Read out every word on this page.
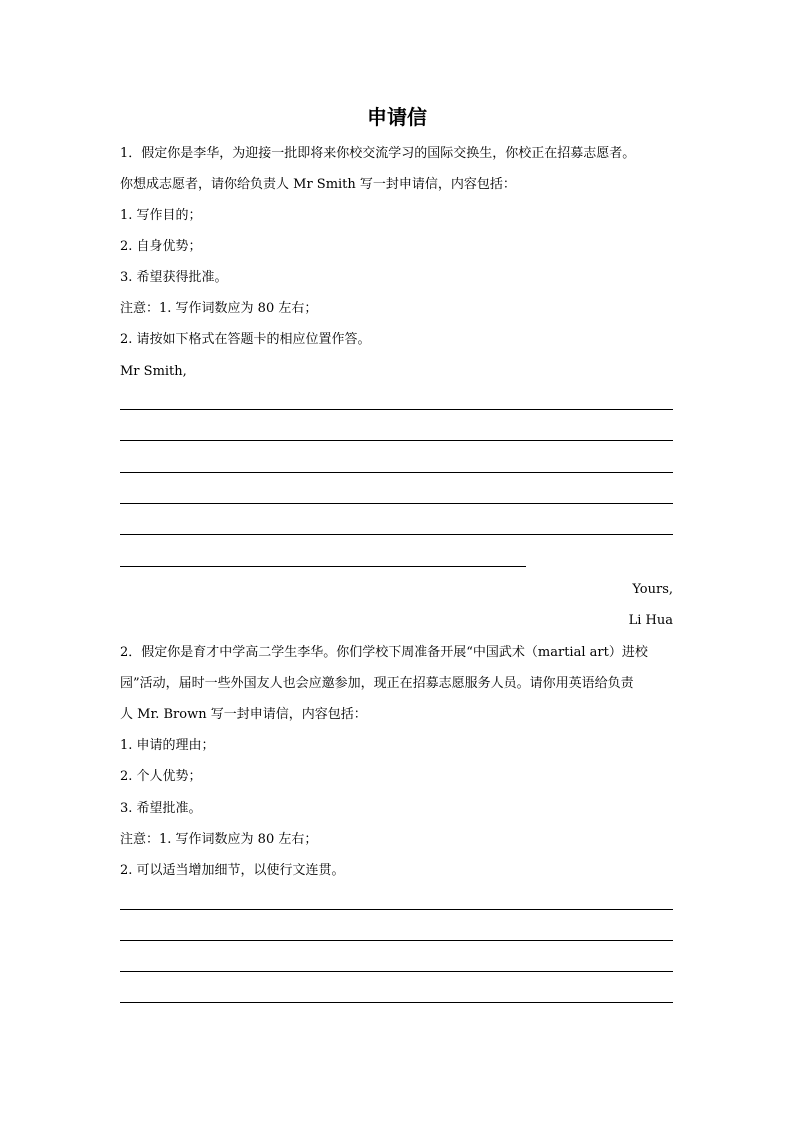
申请信
1．假定你是李华，为迎接一批即将来你校交流学习的国际交换生，你校正在招募志愿者。
你想成志愿者，请你给负责人 Mr Smith 写一封申请信，内容包括：
1. 写作目的；
2. 自身优势；
3. 希望获得批准。
注意：1. 写作词数应为 80 左右；
2. 请按如下格式在答题卡的相应位置作答。
Mr Smith,
Yours,
Li Hua
2．假定你是育才中学高二学生李华。你们学校下周准备开展“中国武术（martial art）进校
园”活动，届时一些外国友人也会应邀参加，现正在招募志愿服务人员。请你用英语给负责
人 Mr. Brown 写一封申请信，内容包括：
1. 申请的理由；
2. 个人优势；
3. 希望批准。
注意：1. 写作词数应为 80 左右；
2. 可以适当增加细节，以使行文连贯。
